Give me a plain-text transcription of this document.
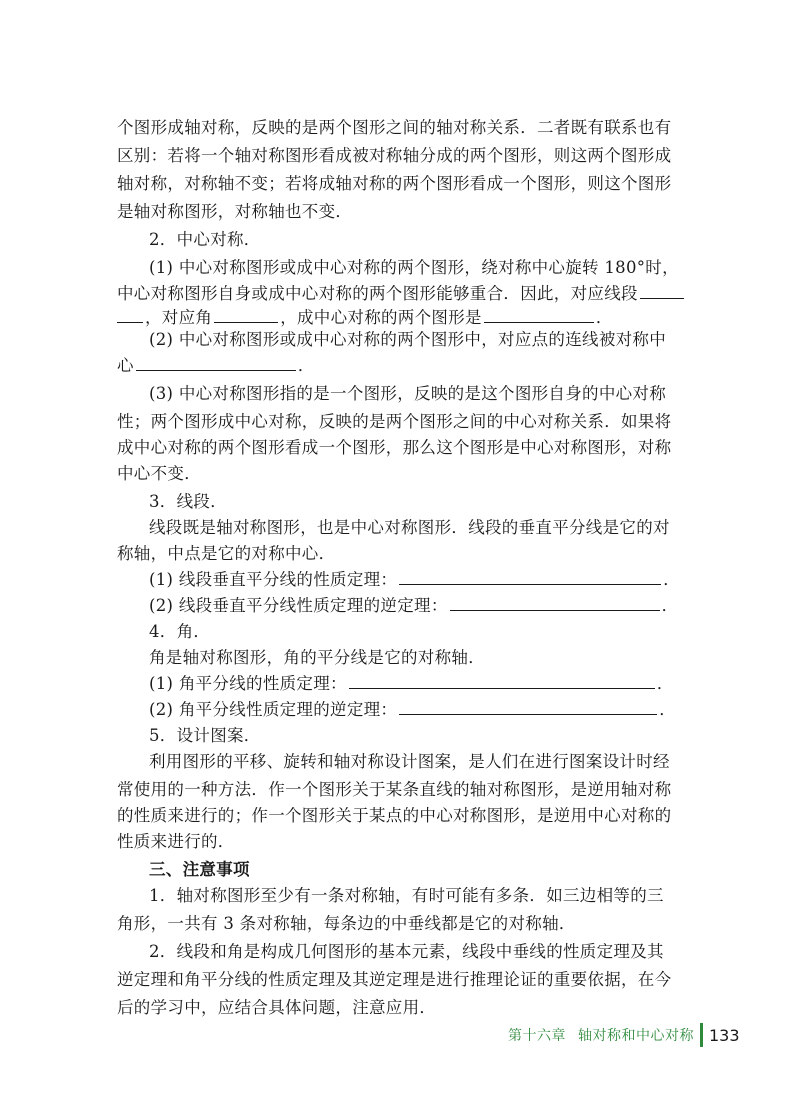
个图形成轴对称，反映的是两个图形之间的轴对称关系．二者既有联系也有
区别：若将一个轴对称图形看成被对称轴分成的两个图形，则这两个图形成
轴对称，对称轴不变；若将成轴对称的两个图形看成一个图形，则这个图形
是轴对称图形，对称轴也不变．
2．中心对称．
(1) 中心对称图形或成中心对称的两个图形，绕对称中心旋转 180°时，
中心对称图形自身或成中心对称的两个图形能够重合．因此，对应线段
，对应角	，成中心对称的两个图形是	．
(2) 中心对称图形或成中心对称的两个图形中，对应点的连线被对称中
心	．
(3) 中心对称图形指的是一个图形，反映的是这个图形自身的中心对称
性；两个图形成中心对称，反映的是两个图形之间的中心对称关系．如果将
成中心对称的两个图形看成一个图形，那么这个图形是中心对称图形，对称
中心不变．
3．线段．
线段既是轴对称图形，也是中心对称图形．线段的垂直平分线是它的对
称轴，中点是它的对称中心．
(1) 线段垂直平分线的性质定理：	．
(2) 线段垂直平分线性质定理的逆定理：	．
4．角．
角是轴对称图形，角的平分线是它的对称轴．
(1) 角平分线的性质定理：	．
(2) 角平分线性质定理的逆定理：	．
5．设计图案．
利用图形的平移、旋转和轴对称设计图案，是人们在进行图案设计时经
常使用的一种方法．作一个图形关于某条直线的轴对称图形，是逆用轴对称
的性质来进行的；作一个图形关于某点的中心对称图形，是逆用中心对称的
性质来进行的．
三、注意事项
1．轴对称图形至少有一条对称轴，有时可能有多条．如三边相等的三
角形，一共有 3 条对称轴，每条边的中垂线都是它的对称轴．
2．线段和角是构成几何图形的基本元素，线段中垂线的性质定理及其
第十六章 轴对称和中心对称 133
逆定理和角平分线的性质定理及其逆定理是进行推理论证的重要依据，在今
后的学习中，应结合具体问题，注意应用．
